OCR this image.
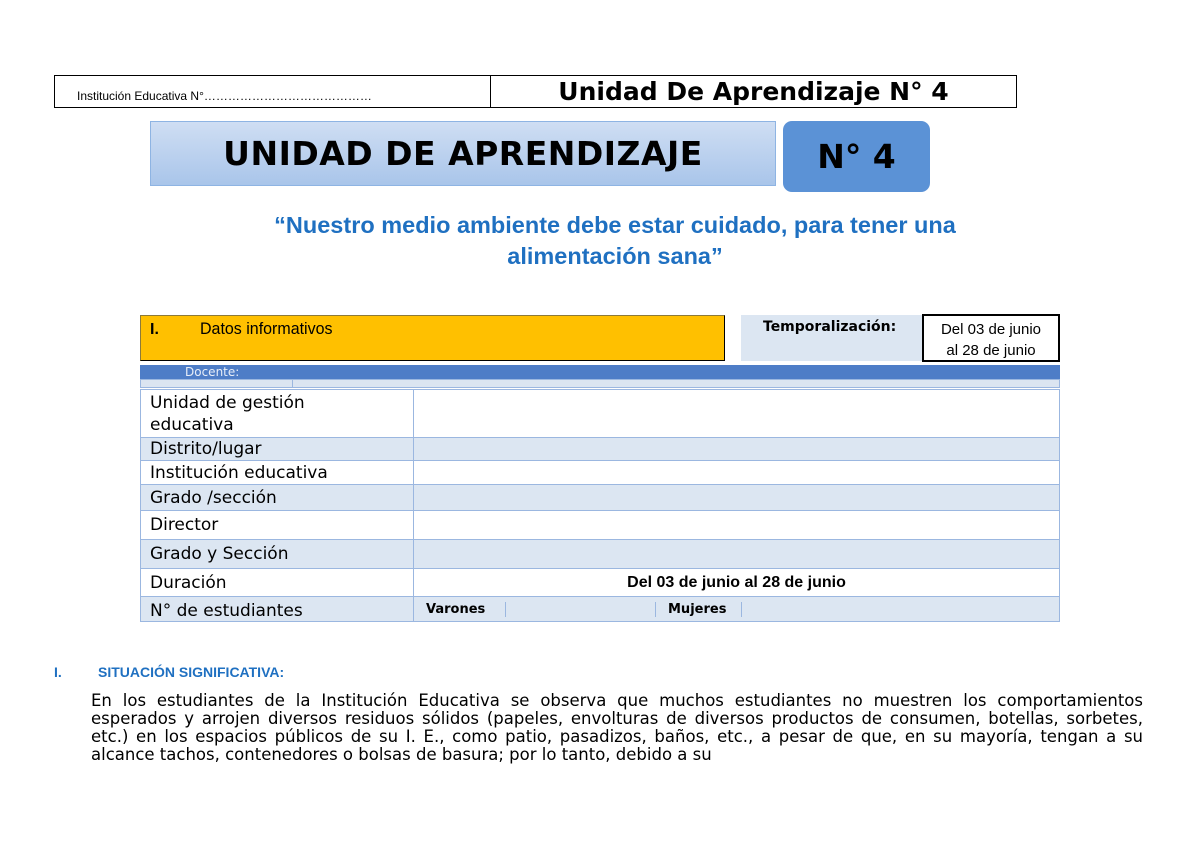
Institución Educativa N°……………………………………	Unidad De Aprendizaje N° 4
UNIDAD DE APRENDIZAJE	N° 4
“Nuestro medio ambiente debe estar cuidado, para tener una
alimentación sana”
I.	Datos informativos	Temporalización:	Del 03 de junio
al 28 de junio
Docente:
Unidad de gestión
educativa	

Distrito/lugar	
Institución educativa	
Grado /sección	
Director	
Grado y Sección	
Duración	Del 03 de junio al 28 de junio
N° de estudiantes	Varones Mujeres
I.	SITUACIÓN SIGNIFICATIVA:
En los estudiantes de la Institución Educativa se observa que muchos estudiantes no muestren los comportamientos esperados y arrojen diversos residuos sólidos (papeles, envolturas de diversos productos de consumen, botellas, sorbetes, etc.) en los espacios públicos de su I. E., como patio, pasadizos, baños, etc., a pesar de que, en su mayoría, tengan a su alcance tachos, contenedores o bolsas de basura; por lo tanto, debido a su
